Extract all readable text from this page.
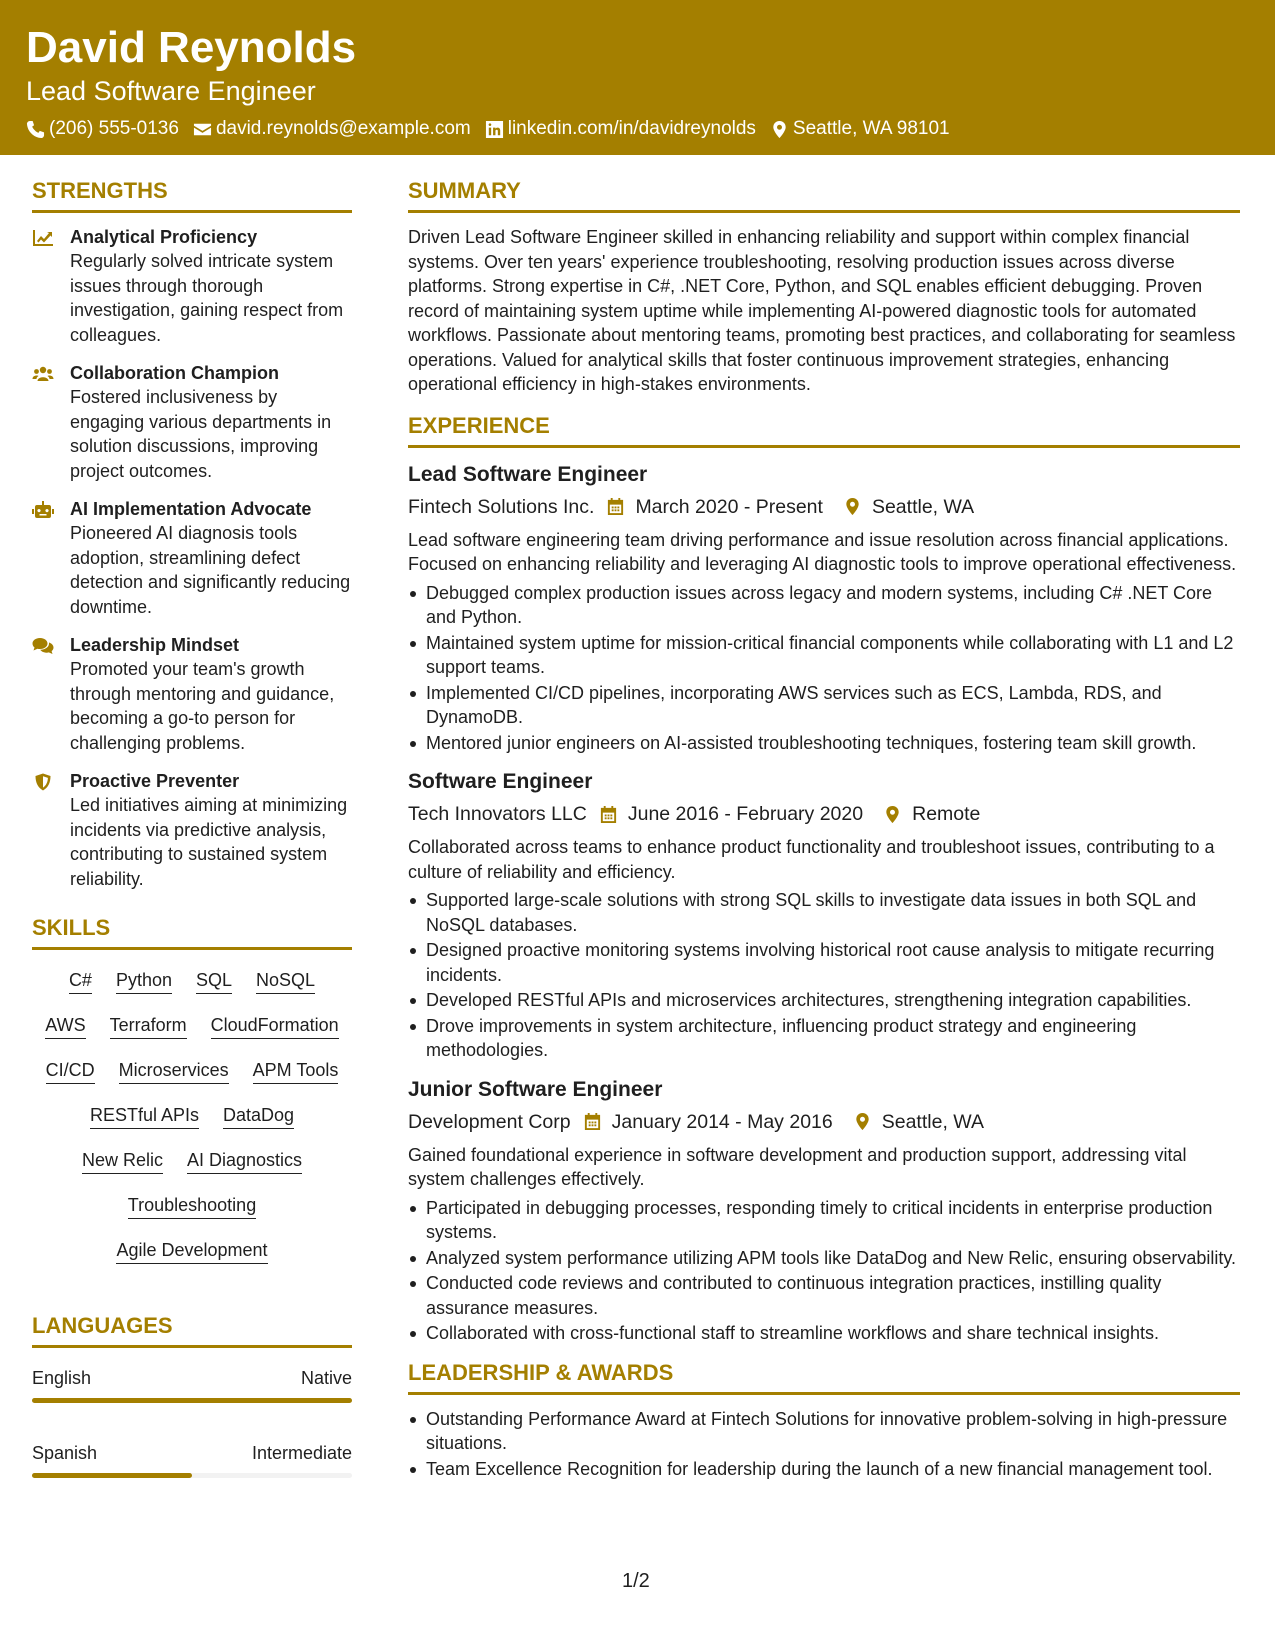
David Reynolds
Lead Software Engineer
(206) 555-0136 david.reynolds@example.com linkedin.com/in/davidreynolds Seattle, WA 98101
STRENGTHS
Analytical Proficiency
Regularly solved intricate system issues through thorough investigation, gaining respect from colleagues.
Collaboration Champion
Fostered inclusiveness by engaging various departments in solution discussions, improving project outcomes.
AI Implementation Advocate
Pioneered AI diagnosis tools adoption, streamlining defect detection and significantly reducing downtime.
Leadership Mindset
Promoted your team's growth through mentoring and guidance, becoming a go-to person for challenging problems.
Proactive Preventer
Led initiatives aiming at minimizing incidents via predictive analysis, contributing to sustained system reliability.
SKILLS
C# Python SQL NoSQL
AWS Terraform CloudFormation
CI/CD Microservices APM Tools
RESTful APIs DataDog
New Relic AI Diagnostics
Troubleshooting
Agile Development
LANGUAGES
English	Native
Spanish	Intermediate
SUMMARY
Driven Lead Software Engineer skilled in enhancing reliability and support within complex financial systems. Over ten years' experience troubleshooting, resolving production issues across diverse platforms. Strong expertise in C#, .NET Core, Python, and SQL enables efficient debugging. Proven record of maintaining system uptime while implementing AI-powered diagnostic tools for automated workflows. Passionate about mentoring teams, promoting best practices, and collaborating for seamless operations. Valued for analytical skills that foster continuous improvement strategies, enhancing operational efficiency in high-stakes environments.
EXPERIENCE
Lead Software Engineer
Fintech Solutions Inc. March 2020 - Present	Seattle, WA
Lead software engineering team driving performance and issue resolution across financial applications. Focused on enhancing reliability and leveraging AI diagnostic tools to improve operational effectiveness.
Debugged complex production issues across legacy and modern systems, including C# .NET Core and Python.
Maintained system uptime for mission-critical financial components while collaborating with L1 and L2 support teams.
Implemented CI/CD pipelines, incorporating AWS services such as ECS, Lambda, RDS, and DynamoDB.
Mentored junior engineers on AI-assisted troubleshooting techniques, fostering team skill growth.
Software Engineer
Tech Innovators LLC June 2016 - February 2020	Remote
Collaborated across teams to enhance product functionality and troubleshoot issues, contributing to a culture of reliability and efficiency.
Supported large-scale solutions with strong SQL skills to investigate data issues in both SQL and NoSQL databases.
Designed proactive monitoring systems involving historical root cause analysis to mitigate recurring incidents.
Developed RESTful APIs and microservices architectures, strengthening integration capabilities.
Drove improvements in system architecture, influencing product strategy and engineering methodologies.
Junior Software Engineer
Development Corp January 2014 - May 2016	Seattle, WA
Gained foundational experience in software development and production support, addressing vital system challenges effectively.
Participated in debugging processes, responding timely to critical incidents in enterprise production systems.
Analyzed system performance utilizing APM tools like DataDog and New Relic, ensuring observability.
Conducted code reviews and contributed to continuous integration practices, instilling quality assurance measures.
Collaborated with cross-functional staff to streamline workflows and share technical insights.
LEADERSHIP & AWARDS
Outstanding Performance Award at Fintech Solutions for innovative problem-solving in high-pressure situations.
Team Excellence Recognition for leadership during the launch of a new financial management tool.
1/2
